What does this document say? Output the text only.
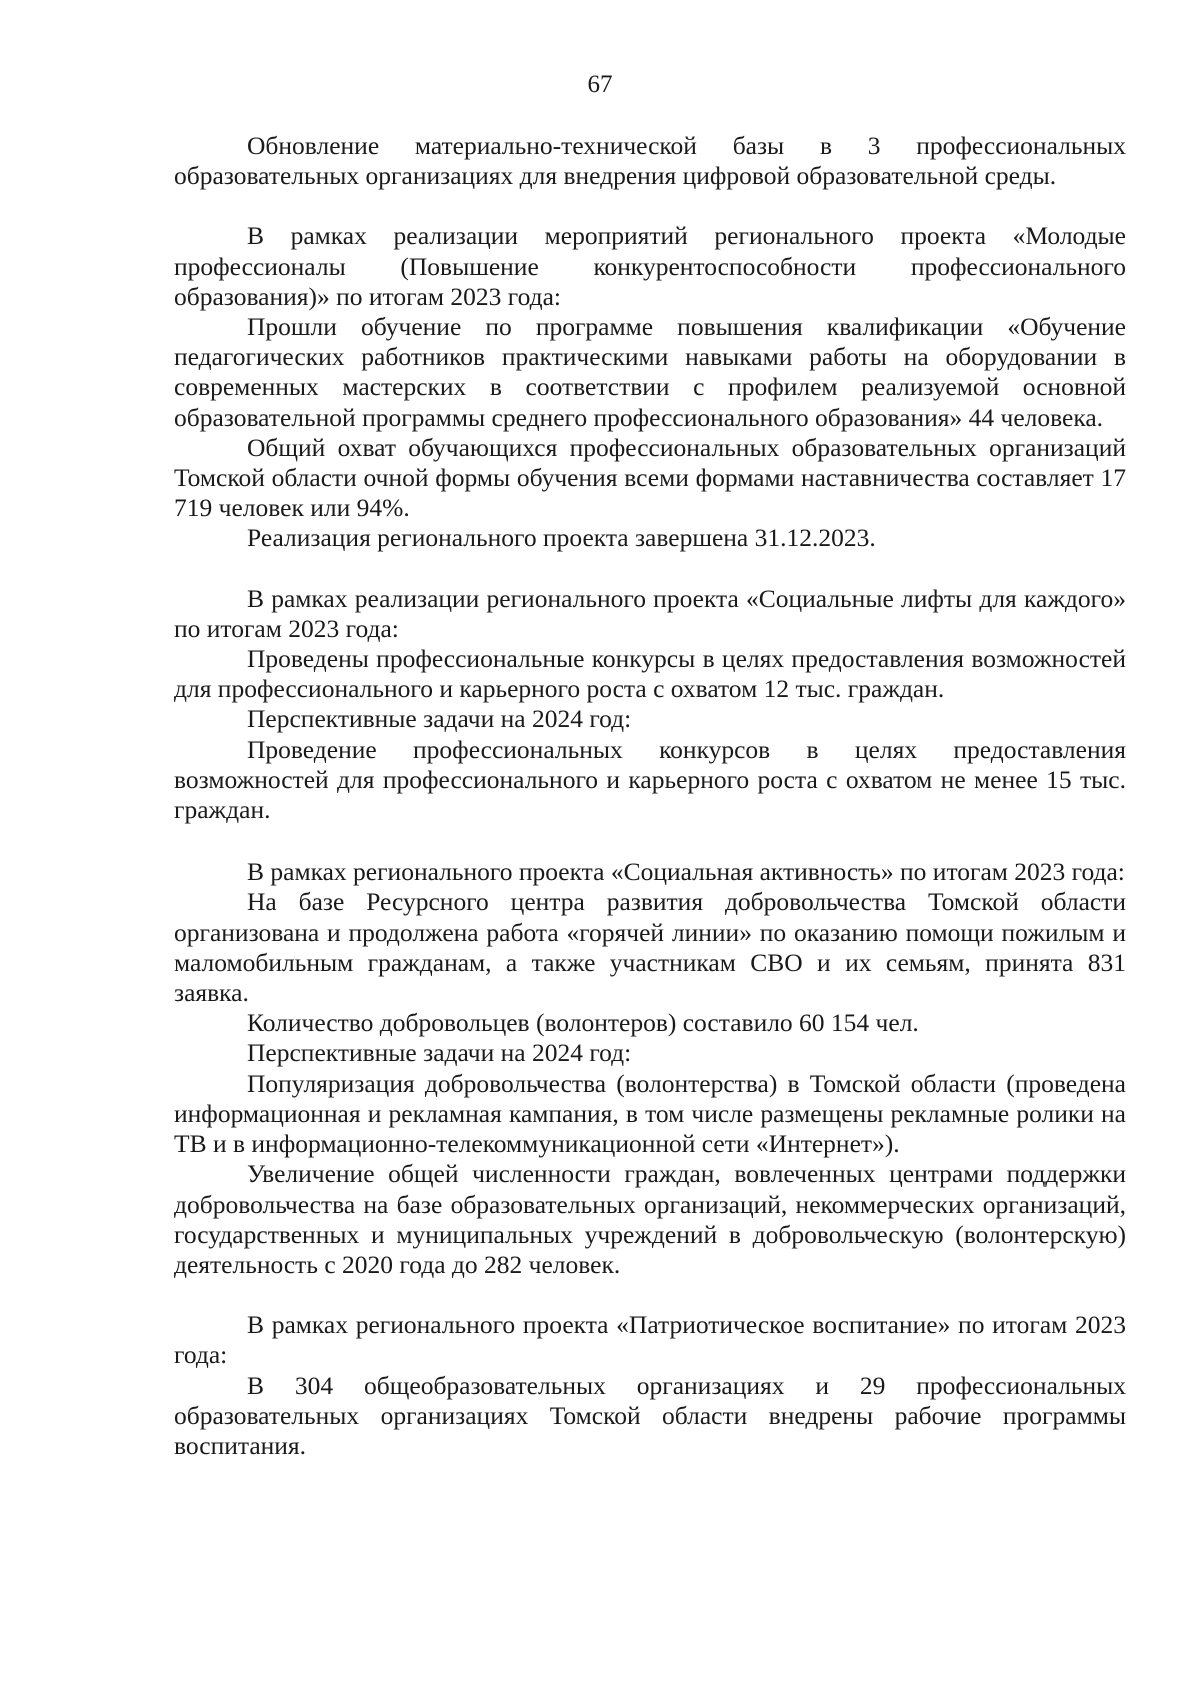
67

Обновление материально-технической базы в 3 профессиональных образовательных организациях для внедрения цифровой образовательной среды.

В рамках реализации мероприятий регионального проекта «Молодые профессионалы (Повышение конкурентоспособности профессионального образования)» по итогам 2023 года:

Прошли обучение по программе повышения квалификации «Обучение педагогических работников практическими навыками работы на оборудовании в современных мастерских в соответствии с профилем реализуемой основной образовательной программы среднего профессионального образования» 44 человека.

Общий охват обучающихся профессиональных образовательных организаций Томской области очной формы обучения всеми формами наставничества составляет 17 719 человек или 94%.

Реализация регионального проекта завершена 31.12.2023.

В рамках реализации регионального проекта «Социальные лифты для каждого» по итогам 2023 года:

Проведены профессиональные конкурсы в целях предоставления возможностей для профессионального и карьерного роста с охватом 12 тыс. граждан.

Перспективные задачи на 2024 год:

Проведение профессиональных конкурсов в целях предоставления возможностей для профессионального и карьерного роста с охватом не менее 15 тыс. граждан.

В рамках регионального проекта «Социальная активность» по итогам 2023 года:

На базе Ресурсного центра развития добровольчества Томской области организована и продолжена работа «горячей линии» по оказанию помощи пожилым и маломобильным гражданам, а также участникам СВО и их семьям, принята 831 заявка.

Количество добровольцев (волонтеров) составило 60 154 чел.

Перспективные задачи на 2024 год:

Популяризация добровольчества (волонтерства) в Томской области (проведена информационная и рекламная кампания, в том числе размещены рекламные ролики на ТВ и в информационно-телекоммуникационной сети «Интернет»).

Увеличение общей численности граждан, вовлеченных центрами поддержки добровольчества на базе образовательных организаций, некоммерческих организаций, государственных и муниципальных учреждений в добровольческую (волонтерскую) деятельность с 2020 года до 282 человек.

В рамках регионального проекта «Патриотическое воспитание» по итогам 2023 года:

В 304 общеобразовательных организациях и 29 профессиональных образовательных организациях Томской области внедрены рабочие программы воспитания.
